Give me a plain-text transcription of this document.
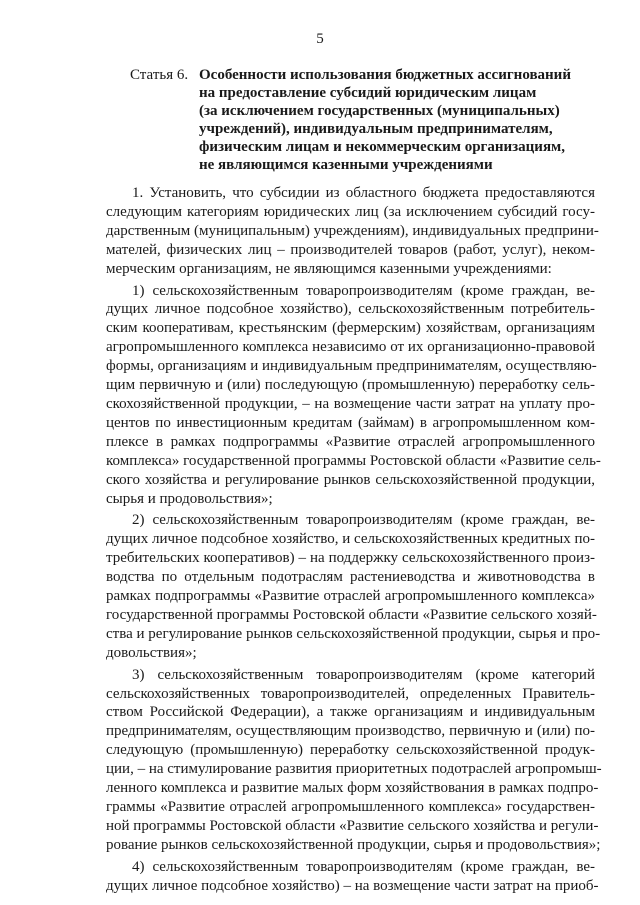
5
Статья 6. Особенности использования бюджетных ассигнований
на предоставление субсидий юридическим лицам
(за исключением государственных (муниципальных)
учреждений), индивидуальным предпринимателям,
физическим лицам и некоммерческим организациям,
не являющимся казенными учреждениями
1. Установить, что субсидии из областного бюджета предоставляются
следующим категориям юридических лиц (за исключением субсидий госу-
дарственным (муниципальным) учреждениям), индивидуальных предприни-
мателей, физических лиц – производителей товаров (работ, услуг), неком-
мерческим организациям, не являющимся казенными учреждениями:
1) сельскохозяйственным товаропроизводителям (кроме граждан, ве-
дущих личное подсобное хозяйство), сельскохозяйственным потребитель-
ским кооперативам, крестьянским (фермерским) хозяйствам, организациям
агропромышленного комплекса независимо от их организационно-правовой
формы, организациям и индивидуальным предпринимателям, осуществляю-
щим первичную и (или) последующую (промышленную) переработку сель-
скохозяйственной продукции, – на возмещение части затрат на уплату про-
центов по инвестиционным кредитам (займам) в агропромышленном ком-
плексе в рамках подпрограммы «Развитие отраслей агропромышленного
комплекса» государственной программы Ростовской области «Развитие сель-
ского хозяйства и регулирование рынков сельскохозяйственной продукции,
сырья и продовольствия»;
2) сельскохозяйственным товаропроизводителям (кроме граждан, ве-
дущих личное подсобное хозяйство, и сельскохозяйственных кредитных по-
требительских кооперативов) – на поддержку сельскохозяйственного произ-
водства по отдельным подотраслям растениеводства и животноводства в
рамках подпрограммы «Развитие отраслей агропромышленного комплекса»
государственной программы Ростовской области «Развитие сельского хозяй-
ства и регулирование рынков сельскохозяйственной продукции, сырья и про-
довольствия»;
3) сельскохозяйственным товаропроизводителям (кроме категорий
сельскохозяйственных товаропроизводителей, определенных Правитель-
ством Российской Федерации), а также организациям и индивидуальным
предпринимателям, осуществляющим производство, первичную и (или) по-
следующую (промышленную) переработку сельскохозяйственной продук-
ции, – на стимулирование развития приоритетных подотраслей агропромыш-
ленного комплекса и развитие малых форм хозяйствования в рамках подпро-
граммы «Развитие отраслей агропромышленного комплекса» государствен-
ной программы Ростовской области «Развитие сельского хозяйства и регули-
рование рынков сельскохозяйственной продукции, сырья и продовольствия»;
4) сельскохозяйственным товаропроизводителям (кроме граждан, ве-
дущих личное подсобное хозяйство) – на возмещение части затрат на приоб-
